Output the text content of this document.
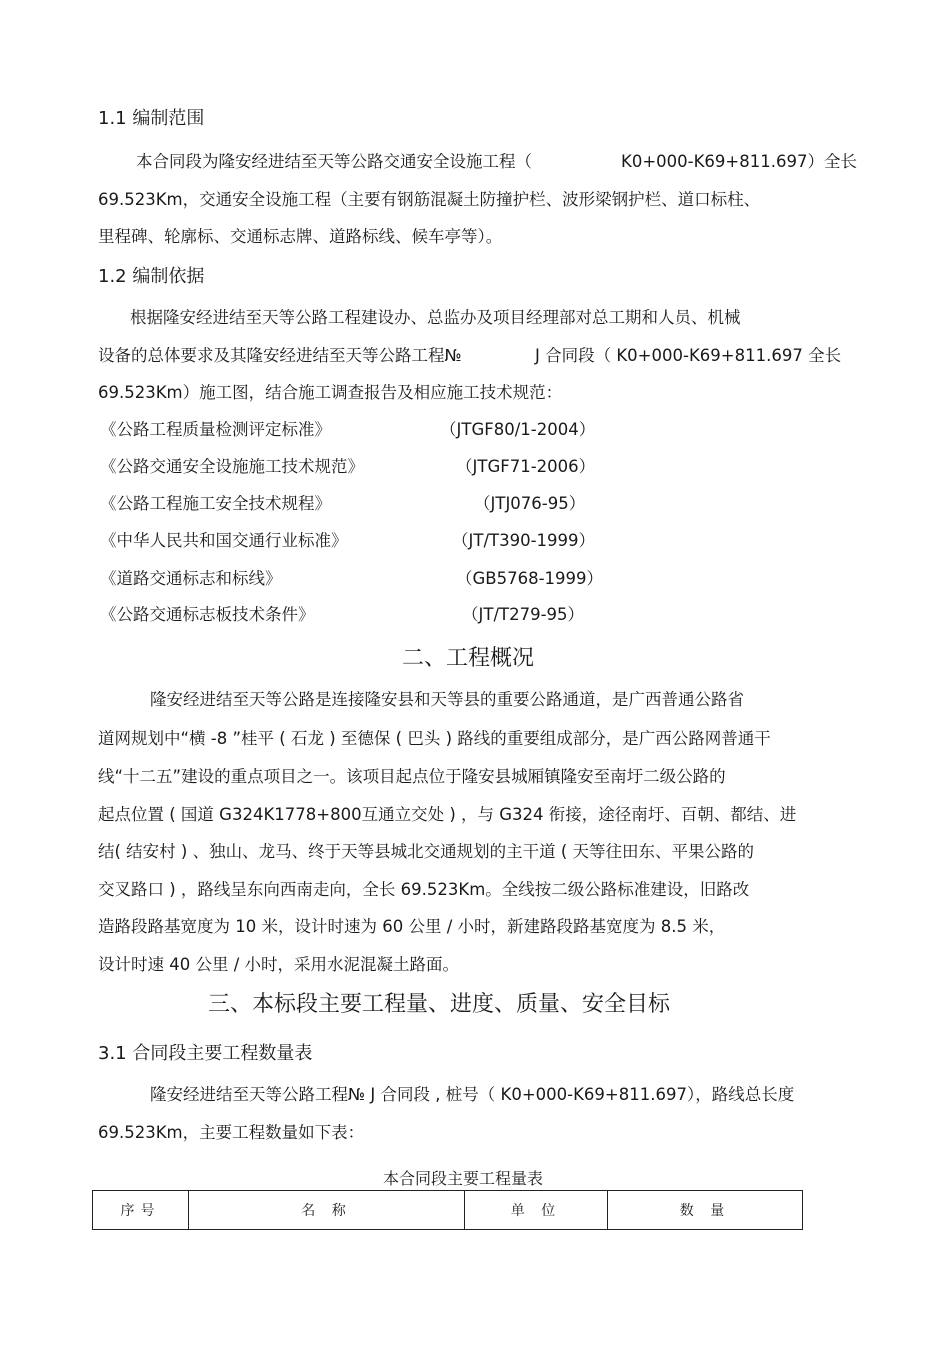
1.1 编制范围
本合同段为隆安经进结至天等公路交通安全设施工程（	K0+000-K69+811.697）全长
69.523Km，交通安全设施工程（主要有钢筋混凝土防撞护栏、波形梁钢护栏、道口标柱、
里程碑、轮廓标、交通标志牌、道路标线、候车亭等）。
1.2 编制依据
根据隆安经进结至天等公路工程建设办、总监办及项目经理部对总工期和人员、机械
设备的总体要求及其隆安经进结至天等公路工程№	J 合同段（ K0+000-K69+811.697 全长
69.523Km）施工图，结合施工调查报告及相应施工技术规范：
《公路工程质量检测评定标准》	（JTGF80/1-2004）
《公路交通安全设施施工技术规范》	（JTGF71-2006）
《公路工程施工安全技术规程》	（JTJ076-95）
《中华人民共和国交通行业标准》	（JT/T390-1999）
《道路交通标志和标线》	（GB5768-1999）
《公路交通标志板技术条件》	（JT/T279-95）
二、工程概况
隆安经进结至天等公路是连接隆安县和天等县的重要公路通道，是广西普通公路省
道网规划中“横 -8 ”桂平 ( 石龙 ) 至德保 ( 巴头 ) 路线的重要组成部分，是广西公路网普通干
线“十二五”建设的重点项目之一。该项目起点位于隆安县城厢镇隆安至南圩二级公路的
起点位置 ( 国道 G324K1778+800互通立交处 ) ，与 G324 衔接，途径南圩、百朝、都结、进
结( 结安村 ) 、独山、龙马、终于天等县城北交通规划的主干道 ( 天等往田东、平果公路的
交叉路口 ) ，路线呈东向西南走向，全长 69.523Km。全线按二级公路标准建设，旧路改
造路段路基宽度为 10 米，设计时速为 60 公里 / 小时，新建路段路基宽度为 8.5 米，
设计时速 40 公里 / 小时，采用水泥混凝土路面。
三、本标段主要工程量、进度、质量、安全目标
3.1 合同段主要工程数量表
隆安经进结至天等公路工程№ J 合同段 , 桩号（ K0+000-K69+811.697），路线总长度
69.523Km，主要工程数量如下表：
本合同段主要工程量表
序号	名 称	单 位	数 量
